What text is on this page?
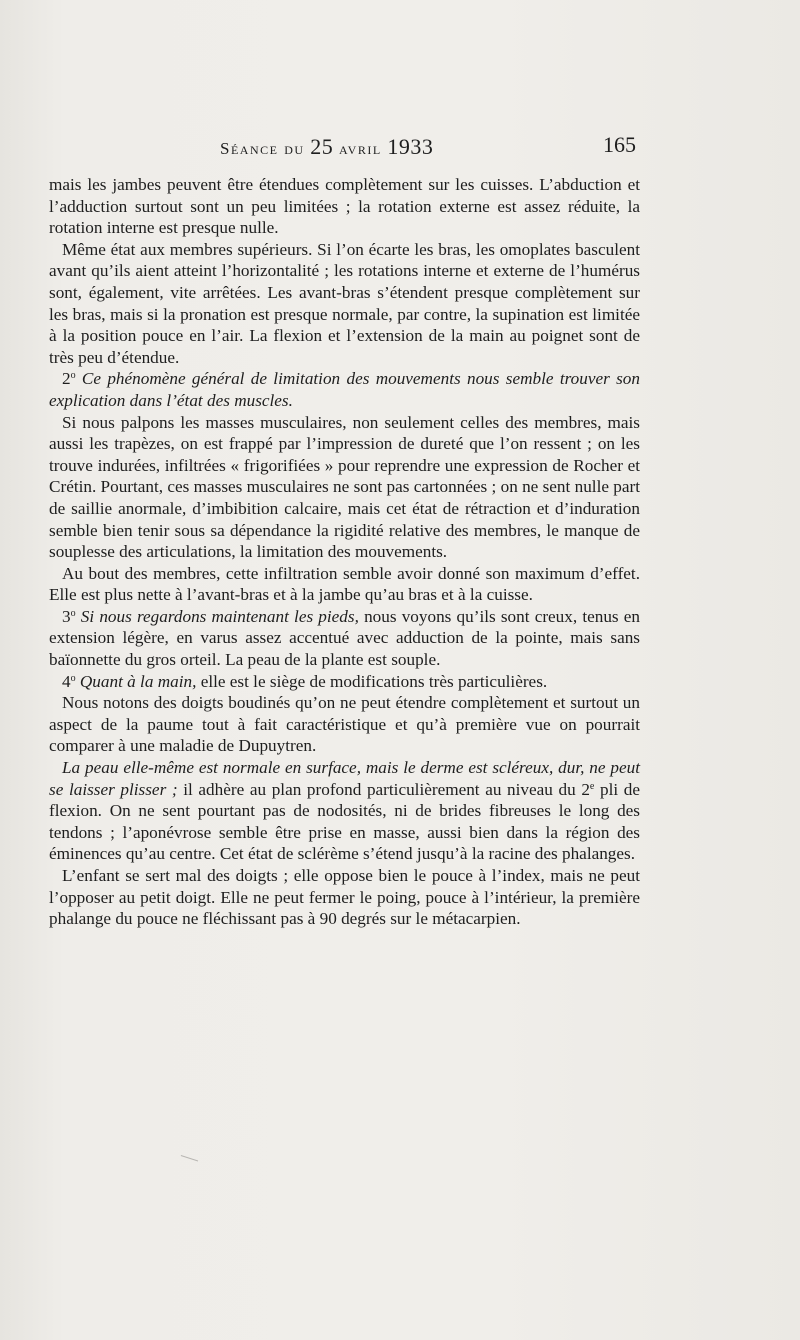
Séance du 25 avril 1933	165

mais les jambes peuvent être étendues complètement sur les cuisses. L’abduction et l’adduction surtout sont un peu limitées ; la rotation externe est assez réduite, la rotation interne est presque nulle.

Même état aux membres supérieurs. Si l’on écarte les bras, les omoplates basculent avant qu’ils aient atteint l’horizontalité ; les rotations interne et externe de l’humérus sont, également, vite arrêtées. Les avant-bras s’étendent presque complètement sur les bras, mais si la pronation est presque normale, par contre, la supination est limitée à la position pouce en l’air. La flexion et l’extension de la main au poignet sont de très peu d’étendue.

2$^o$ Ce phénomène général de limitation des mouvements nous semble trouver son explication dans l’état des muscles.

Si nous palpons les masses musculaires, non seulement celles des membres, mais aussi les trapèzes, on est frappé par l’impression de dureté que l’on ressent ; on les trouve indurées, infiltrées « frigorifiées » pour reprendre une expression de Rocher et Crétin. Pourtant, ces masses musculaires ne sont pas cartonnées ; on ne sent nulle part de saillie anormale, d’imbibition calcaire, mais cet état de rétraction et d’induration semble bien tenir sous sa dépendance la rigidité relative des membres, le manque de souplesse des articulations, la limitation des mouvements.

Au bout des membres, cette infiltration semble avoir donné son maximum d’effet. Elle est plus nette à l’avant-bras et à la jambe qu’au bras et à la cuisse.

3$^o$ Si nous regardons maintenant les pieds, nous voyons qu’ils sont creux, tenus en extension légère, en varus assez accentué avec adduction de la pointe, mais sans baïonnette du gros orteil. La peau de la plante est souple.

4$^o$ Quant à la main, elle est le siège de modifications très particulières.

Nous notons des doigts boudinés qu’on ne peut étendre complètement et surtout un aspect de la paume tout à fait caractéristique et qu’à première vue on pourrait comparer à une maladie de Dupuytren.

La peau elle-même est normale en surface, mais le derme est scléreux, dur, ne peut se laisser plisser ; il adhère au plan profond particulièrement au niveau du 2e pli de flexion. On ne sent pourtant pas de nodosités, ni de brides fibreuses le long des tendons ; l’aponévrose semble être prise en masse, aussi bien dans la région des éminences qu’au centre. Cet état de sclérème s’étend jusqu’à la racine des phalanges.

L’enfant se sert mal des doigts ; elle oppose bien le pouce à l’index, mais ne peut l’opposer au petit doigt. Elle ne peut fermer le poing, pouce à l’intérieur, la première phalange du pouce ne fléchissant pas à 90 degrés sur le métacarpien.
